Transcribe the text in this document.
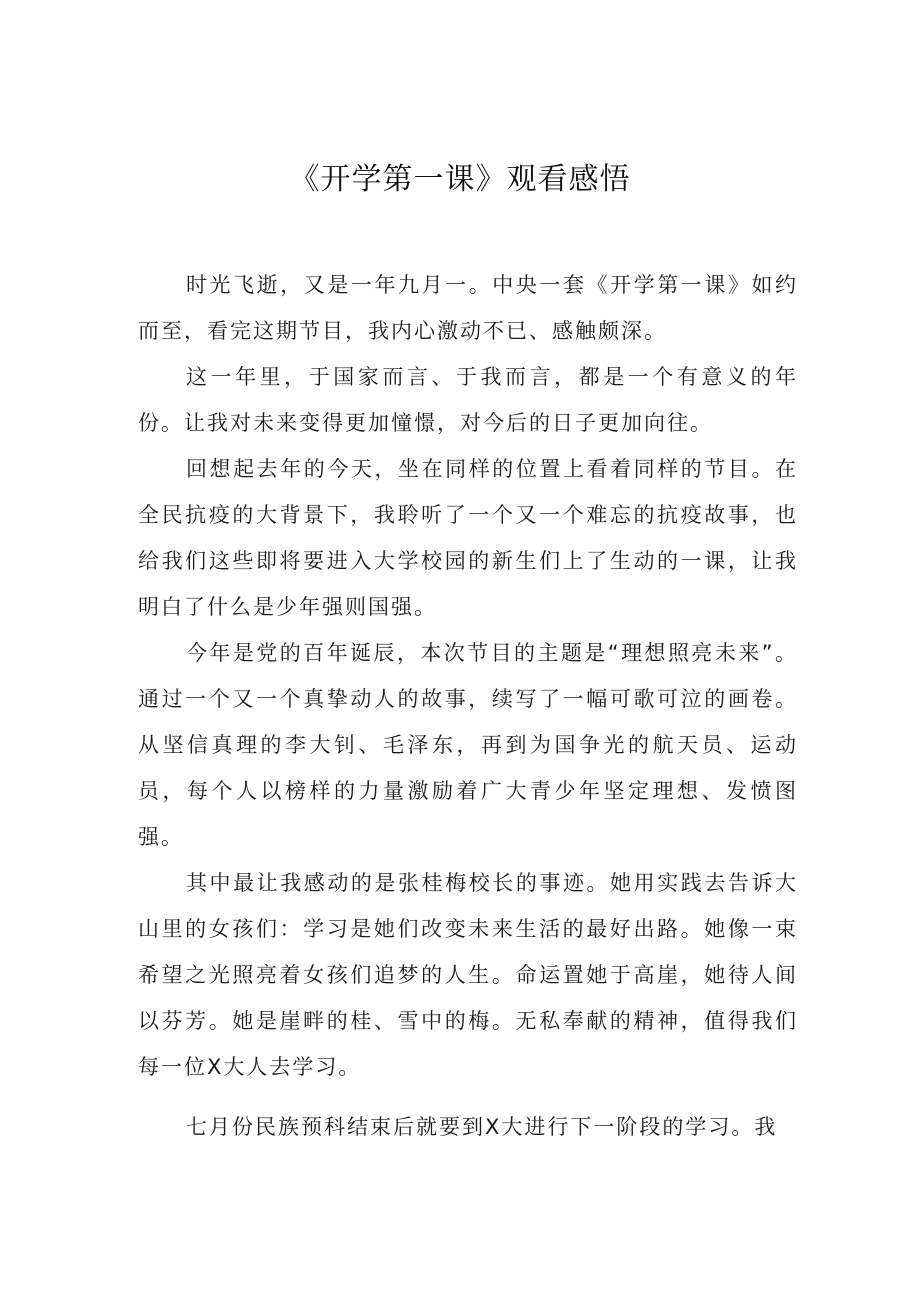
《开学第一课》观看感悟

时光飞逝，又是一年九月一。中央一套《开学第一课》如约而至，看完这期节目，我内心激动不已、感触颇深。

这一年里，于国家而言、于我而言，都是一个有意义的年份。让我对未来变得更加憧憬，对今后的日子更加向往。

回想起去年的今天，坐在同样的位置上看着同样的节目。在全民抗疫的大背景下，我聆听了一个又一个难忘的抗疫故事，也给我们这些即将要进入大学校园的新生们上了生动的一课，让我明白了什么是少年强则国强。

今年是党的百年诞辰，本次节目的主题是“理想照亮未来”。通过一个又一个真挚动人的故事，续写了一幅可歌可泣的画卷。从坚信真理的李大钊、毛泽东，再到为国争光的航天员、运动员，每个人以榜样的力量激励着广大青少年坚定理想、发愤图强。

其中最让我感动的是张桂梅校长的事迹。她用实践去告诉大山里的女孩们：学习是她们改变未来生活的最好出路。她像一束希望之光照亮着女孩们追梦的人生。命运置她于高崖，她待人间以芬芳。她是崖畔的桂、雪中的梅。无私奉献的精神，值得我们每一位X大人去学习。

七月份民族预科结束后就要到X大进行下一阶段的学习。我
